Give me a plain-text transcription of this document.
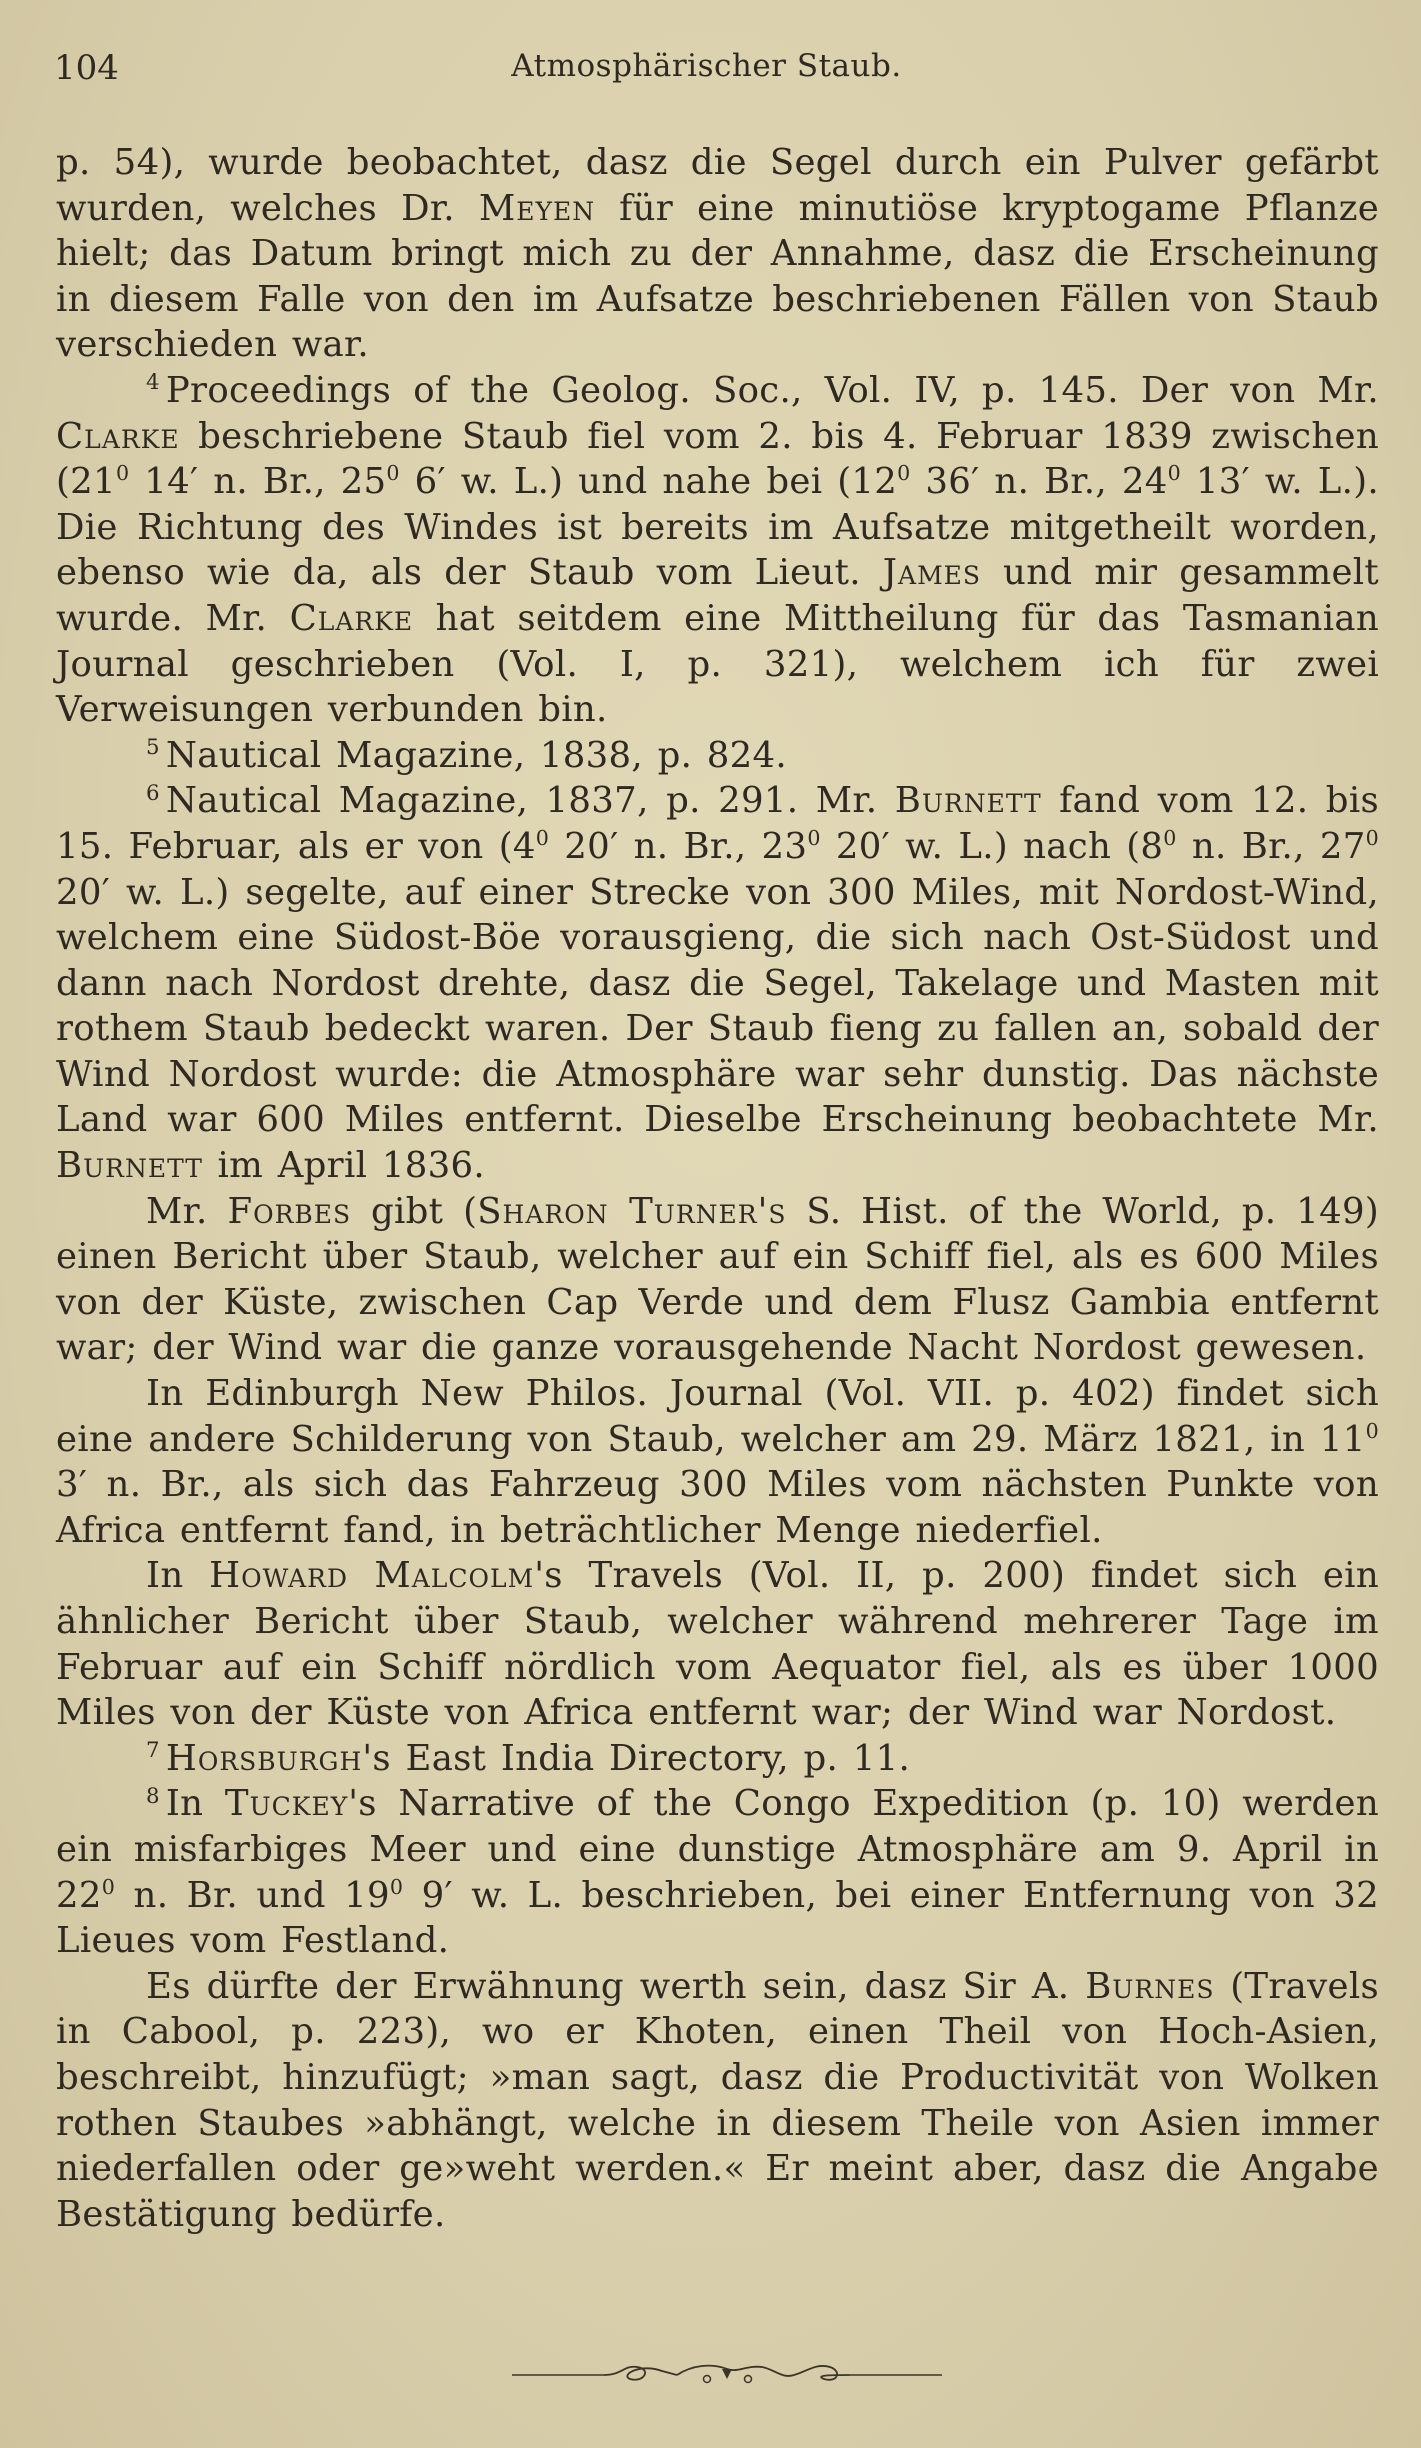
104	Atmosphärischer Staub.

p. 54), wurde beobachtet, dasz die Segel durch ein Pulver gefärbt wurden, welches Dr. Meyen für eine minutiöse kryptogame Pflanze hielt; das Datum bringt mich zu der Annahme, dasz die Erscheinung in diesem Falle von den im Aufsatze beschriebenen Fällen von Staub verschieden war.

$^4$ Proceedings of the Geolog. Soc., Vol. IV, p. 145. Der von Mr. Clarke beschriebene Staub fiel vom 2. bis 4. Februar 1839 zwischen ($21^0$ 14′ n. Br., $25^0$ 6′ w. L.) und nahe bei ($12^0$ 36′ n. Br., $24^0$ 13′ w. L.). Die Richtung des Windes ist bereits im Aufsatze mitgetheilt worden, ebenso wie da, als der Staub vom Lieut. James und mir gesammelt wurde. Mr. Clarke hat seitdem eine Mittheilung für das Tasmanian Journal geschrieben (Vol. I, p. 321), welchem ich für zwei Verweisungen verbunden bin.

$^5$ Nautical Magazine, 1838, p. 824.

$^6$ Nautical Magazine, 1837, p. 291. Mr. Burnett fand vom 12. bis 15. Februar, als er von ($4^0$ 20′ n. Br., $23^0$ 20′ w. L.) nach ($8^0$ n. Br., $27^0$ 20′ w. L.) segelte, auf einer Strecke von 300 Miles, mit Nordost-Wind, welchem eine Südost-Böe vorausgieng, die sich nach Ost-Südost und dann nach Nordost drehte, dasz die Segel, Takelage und Masten mit rothem Staub bedeckt waren. Der Staub fieng zu fallen an, sobald der Wind Nordost wurde: die Atmosphäre war sehr dunstig. Das nächste Land war 600 Miles entfernt. Dieselbe Erscheinung beobachtete Mr. Burnett im April 1836.

Mr. Forbes gibt (Sharon Turner's S. Hist. of the World, p. 149) einen Bericht über Staub, welcher auf ein Schiff fiel, als es 600 Miles von der Küste, zwischen Cap Verde und dem Flusz Gambia entfernt war; der Wind war die ganze vorausgehende Nacht Nordost gewesen.

In Edinburgh New Philos. Journal (Vol. VII. p. 402) findet sich eine andere Schilderung von Staub, welcher am 29. März 1821, in $11^0$ 3′ n. Br., als sich das Fahrzeug 300 Miles vom nächsten Punkte von Africa entfernt fand, in beträchtlicher Menge niederfiel.

In Howard Malcolm's Travels (Vol. II, p. 200) findet sich ein ähnlicher Bericht über Staub, welcher während mehrerer Tage im Februar auf ein Schiff nördlich vom Aequator fiel, als es über 1000 Miles von der Küste von Africa entfernt war; der Wind war Nordost.

$^7$ Horsburgh's East India Directory, p. 11.

$^8$ In Tuckey's Narrative of the Congo Expedition (p. 10) werden ein misfarbiges Meer und eine dunstige Atmosphäre am 9. April in $22^0$ n. Br. und $19^0$ 9′ w. L. beschrieben, bei einer Entfernung von 32 Lieues vom Festland.

Es dürfte der Erwähnung werth sein, dasz Sir A. Burnes (Travels in Cabool, p. 223), wo er Khoten, einen Theil von Hoch-Asien, beschreibt, hinzufügt; »man sagt, dasz die Productivität von Wolken rothen Staubes »abhängt, welche in diesem Theile von Asien immer niederfallen oder ge»weht werden.« Er meint aber, dasz die Angabe Bestätigung bedürfe.
